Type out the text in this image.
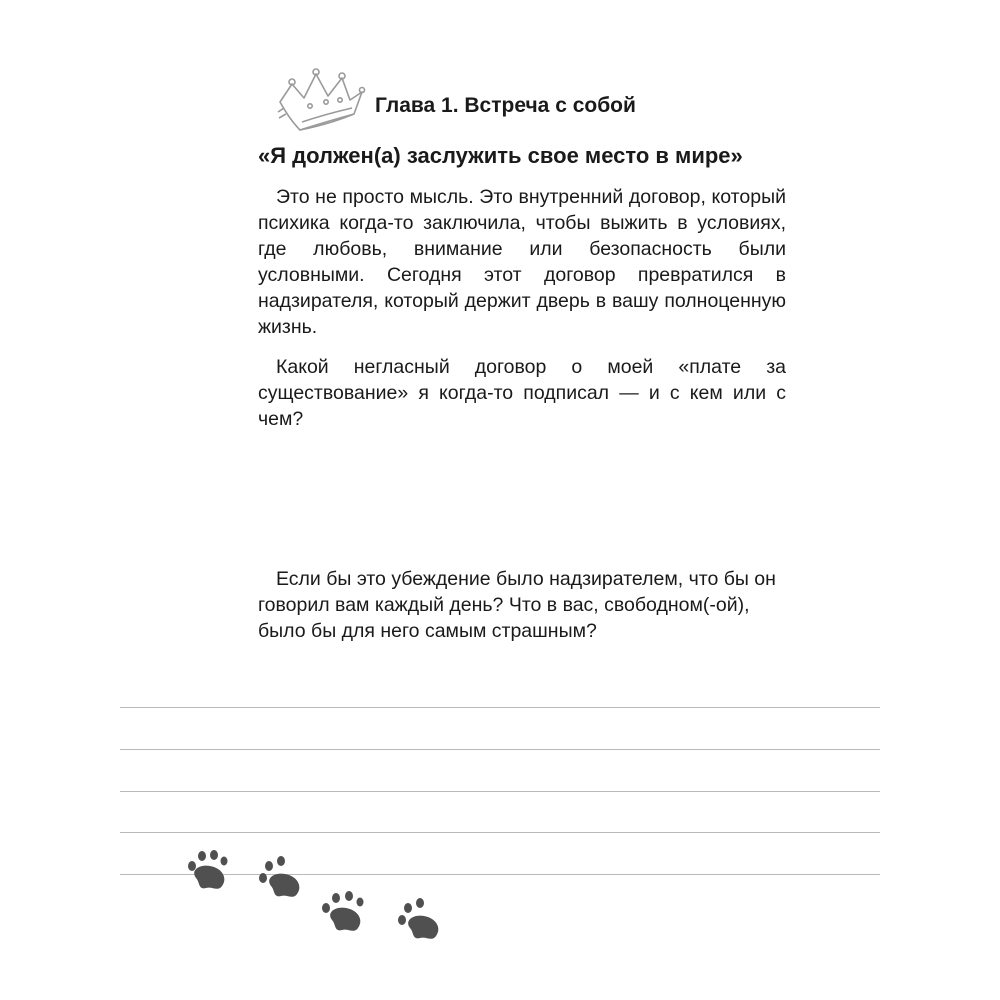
Глава 1. Встреча с собой
«Я должен(а) заслужить свое место в мире»

Это не просто мысль. Это внутренний договор, который психика когда-то заключила, чтобы выжить в условиях, где любовь, внимание или безопасность были условными. Сегодня этот договор превратился в надзирателя, который держит дверь в вашу полноценную жизнь.

Какой негласный договор о моей «плате за существование» я когда-то подписал — и с кем или с чем?

Если бы это убеждение было надзирателем, что бы он говорил вам каждый день? Что в вас, свободном(-ой), было бы для него самым страшным?
